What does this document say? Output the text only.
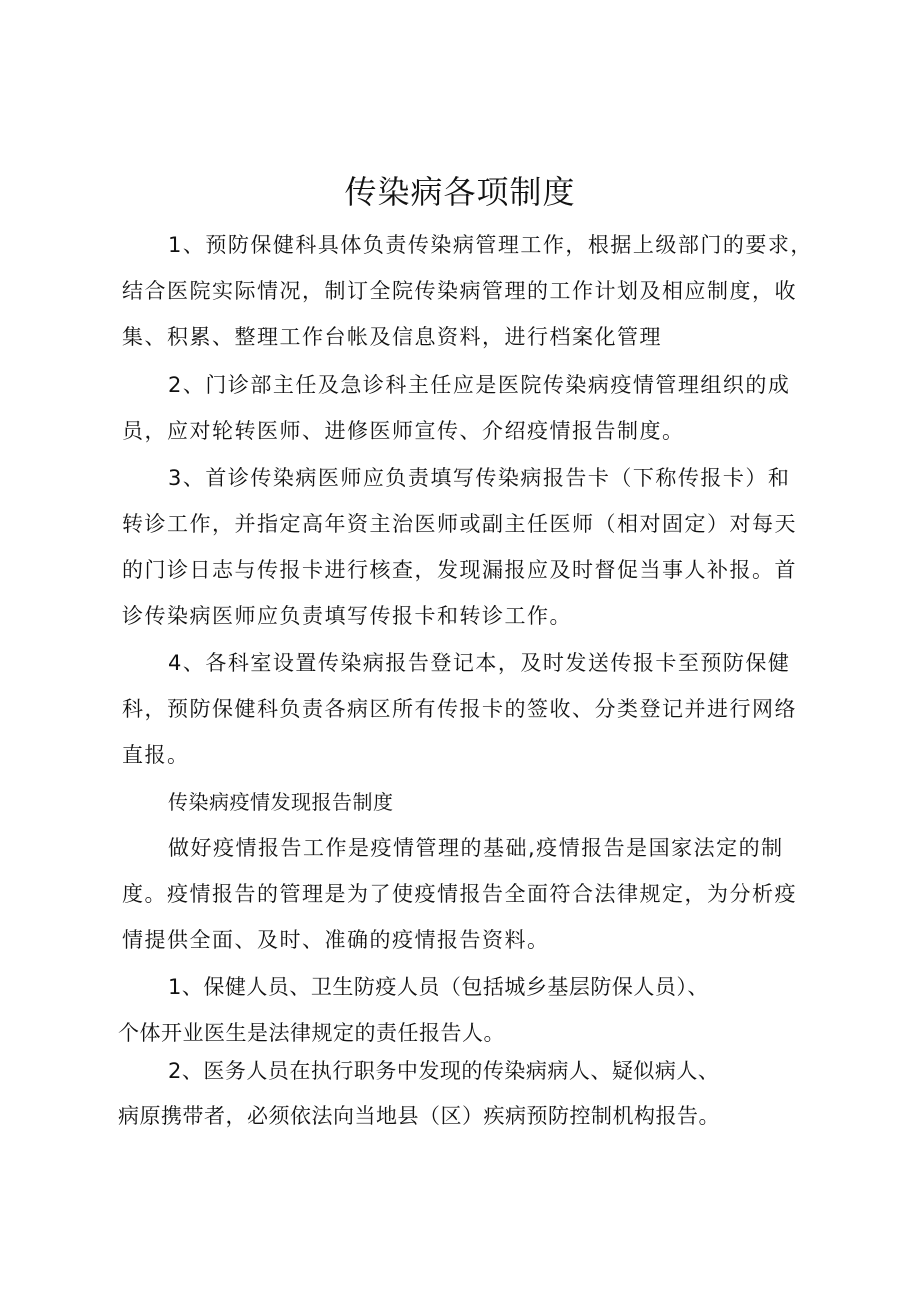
传染病各项制度
1、预防保健科具体负责传染病管理工作，根据上级部门的要求，
结合医院实际情况，制订全院传染病管理的工作计划及相应制度，收
集、积累、整理工作台帐及信息资料，进行档案化管理
2、门诊部主任及急诊科主任应是医院传染病疫情管理组织的成
员，应对轮转医师、进修医师宣传、介绍疫情报告制度。
3、首诊传染病医师应负责填写传染病报告卡（下称传报卡）和
转诊工作，并指定高年资主治医师或副主任医师（相对固定）对每天
的门诊日志与传报卡进行核查，发现漏报应及时督促当事人补报。首
诊传染病医师应负责填写传报卡和转诊工作。
4、各科室设置传染病报告登记本，及时发送传报卡至预防保健
科，预防保健科负责各病区所有传报卡的签收、分类登记并进行网络
直报。
传染病疫情发现报告制度
做好疫情报告工作是疫情管理的基础,疫情报告是国家法定的制
度。疫情报告的管理是为了使疫情报告全面符合法律规定，为分析疫
情提供全面、及时、准确的疫情报告资料。
1、保健人员、卫生防疫人员（包括城乡基层防保人员）、
个体开业医生是法律规定的责任报告人。
2、医务人员在执行职务中发现的传染病病人、疑似病人、
病原携带者，必须依法向当地县（区）疾病预防控制机构报告。
